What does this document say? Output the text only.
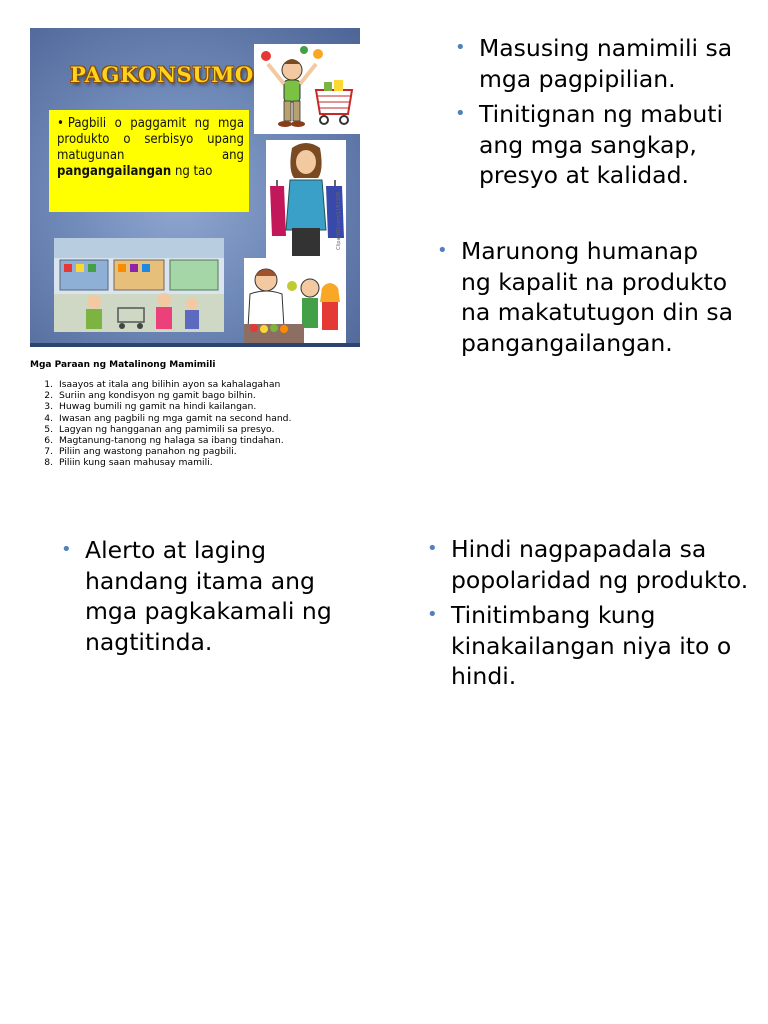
PAGKONSUMO
• Pagbili o paggamit ng mga produkto o serbisyo upang matugunan ang pangangailangan ng tao
ClipartOf.com/1192308
Mga Paraan ng Matalinong Mamimili
1. Isaayos at itala ang bilihin ayon sa kahalagahan
2. Suriin ang kondisyon ng gamit bago bilhin.
3. Huwag bumili ng gamit na hindi kailangan.
4. Iwasan ang pagbili ng mga gamit na second hand.
5. Lagyan ng hangganan ang pamimili sa presyo.
6. Magtanung-tanong ng halaga sa ibang tindahan.
7. Piliin ang wastong panahon ng pagbili.
8. Piliin kung saan mahusay mamili.
• Masusing namimili sa mga pagpipilian.
• Tinitignan ng mabuti ang mga sangkap, presyo at kalidad.
• Marunong humanap ng kapalit na produkto na makatutugon din sa pangangailangan.
• Alerto at laging handang itama ang mga pagkakamali ng nagtitinda.
• Hindi nagpapadala sa popolaridad ng produkto.
• Tinitimbang kung kinakailangan niya ito o hindi.
